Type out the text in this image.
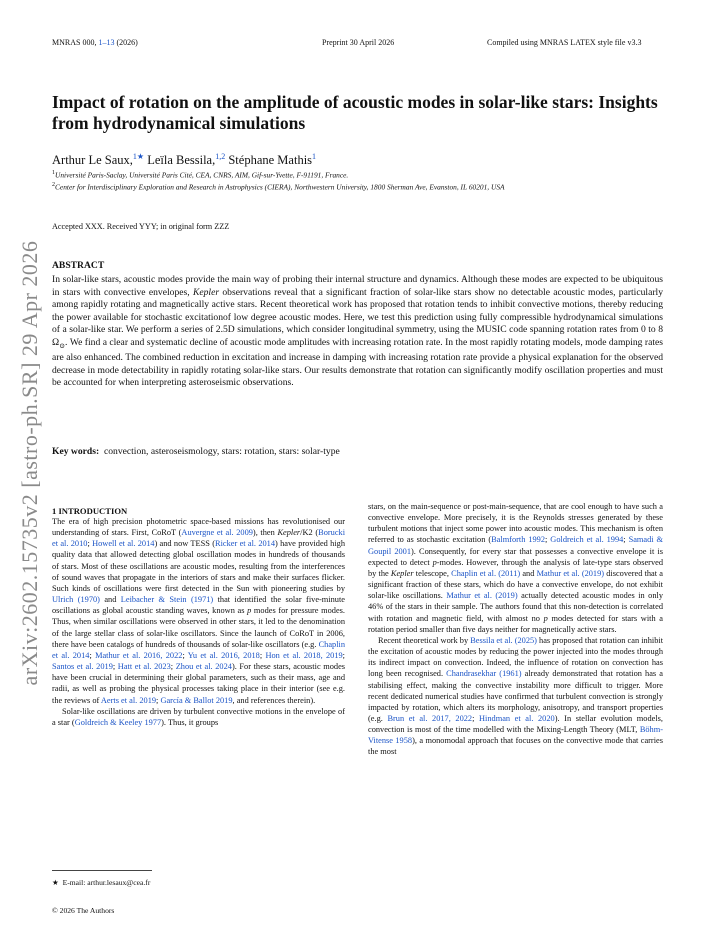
MNRAS 000, 1–13 (2026)	Preprint 30 April 2026	Compiled using MNRAS LATEX style file v3.3
arXiv:2602.15735v2 [astro-ph.SR] 29 Apr 2026
Impact of rotation on the amplitude of acoustic modes in solar-like stars: Insights from hydrodynamical simulations
Arthur Le Saux,$^{1★}$ Leïla Bessila,$^{1,2}$ Stéphane Mathis$^1$
$^1$Université Paris-Saclay, Université Paris Cité, CEA, CNRS, AIM, Gif-sur-Yvette, F-91191, France.
$^2$Center for Interdisciplinary Exploration and Research in Astrophysics (CIERA), Northwestern University, 1800 Sherman Ave, Evanston, IL 60201, USA
Accepted XXX. Received YYY; in original form ZZZ
ABSTRACT
In solar-like stars, acoustic modes provide the main way of probing their internal structure and dynamics. Although these modes are expected to be ubiquitous in stars with convective envelopes, Kepler observations reveal that a significant fraction of solar-like stars show no detectable acoustic modes, particularly among rapidly rotating and magnetically active stars. Recent theoretical work has proposed that rotation tends to inhibit convective motions, thereby reducing the power available for stochastic excitationof low degree acoustic modes. Here, we test this prediction using fully compressible hydrodynamical simulations of a solar-like star. We perform a series of 2.5D simulations, which consider longitudinal symmetry, using the MUSIC code spanning rotation rates from 0 to 8 $\Omega_⊙$. We find a clear and systematic decline of acoustic mode amplitudes with increasing rotation rate. In the most rapidly rotating models, mode damping rates are also enhanced. The combined reduction in excitation and increase in damping with increasing rotation rate provide a physical explanation for the observed decrease in mode detectability in rapidly rotating solar-like stars. Our results demonstrate that rotation can significantly modify oscillation properties and must be accounted for when interpreting asteroseismic observations.
Key words: convection, asteroseismology, stars: rotation, stars: solar-type
1 INTRODUCTION

The era of high precision photometric space-based missions has revolutionised our understanding of stars. First, CoRoT (Auvergne et al. 2009), then Kepler/K2 (Borucki et al. 2010; Howell et al. 2014) and now TESS (Ricker et al. 2014) have provided high quality data that allowed detecting global oscillation modes in hundreds of thousands of stars. Most of these oscillations are acoustic modes, resulting from the interferences of sound waves that propagate in the interiors of stars and make their surfaces flicker. Such kinds of oscillations were first detected in the Sun with pioneering studies by Ulrich (1970) and Leibacher & Stein (1971) that identified the solar five-minute oscillations as global acoustic standing waves, known as p modes for pressure modes. Thus, when similar oscillations were observed in other stars, it led to the denomination of the large stellar class of solar-like oscillators. Since the launch of CoRoT in 2006, there have been catalogs of hundreds of thousands of solar-like oscillators (e.g. Chaplin et al. 2014; Mathur et al. 2016, 2022; Yu et al. 2016, 2018; Hon et al. 2018, 2019; Santos et al. 2019; Hatt et al. 2023; Zhou et al. 2024). For these stars, acoustic modes have been crucial in determining their global parameters, such as their mass, age and radii, as well as probing the physical processes taking place in their interior (see e.g. the reviews of Aerts et al. 2019; García & Ballot 2019, and references therein).

Solar-like oscillations are driven by turbulent convective motions in the envelope of a star (Goldreich & Keeley 1977). Thus, it groups

stars, on the main-sequence or post-main-sequence, that are cool enough to have such a convective envelope. More precisely, it is the Reynolds stresses generated by these turbulent motions that inject some power into acoustic modes. This mechanism is often referred to as stochastic excitation (Balmforth 1992; Goldreich et al. 1994; Samadi & Goupil 2001). Consequently, for every star that possesses a convective envelope it is expected to detect p-modes. However, through the analysis of late-type stars observed by the Kepler telescope, Chaplin et al. (2011) and Mathur et al. (2019) discovered that a significant fraction of these stars, which do have a convective envelope, do not exhibit solar-like oscillations. Mathur et al. (2019) actually detected acoustic modes in only 46% of the stars in their sample. The authors found that this non-detection is correlated with rotation and magnetic field, with almost no p modes detected for stars with a rotation period smaller than five days neither for magnetically active stars.

Recent theoretical work by Bessila et al. (2025) has proposed that rotation can inhibit the excitation of acoustic modes by reducing the power injected into the modes through its indirect impact on convection. Indeed, the influence of rotation on convection has long been recognised. Chandrasekhar (1961) already demonstrated that rotation has a stabilising effect, making the convective instability more difficult to trigger. More recent dedicated numerical studies have confirmed that turbulent convection is strongly impacted by rotation, which alters its morphology, anisotropy, and transport properties (e.g. Brun et al. 2017, 2022; Hindman et al. 2020). In stellar evolution models, convection is most of the time modelled with the Mixing-Length Theory (MLT, Böhm-Vitense 1958), a monomodal approach that focuses on the convective mode that carries the most

★ E-mail: arthur.lesaux@cea.fr
© 2026 The Authors
